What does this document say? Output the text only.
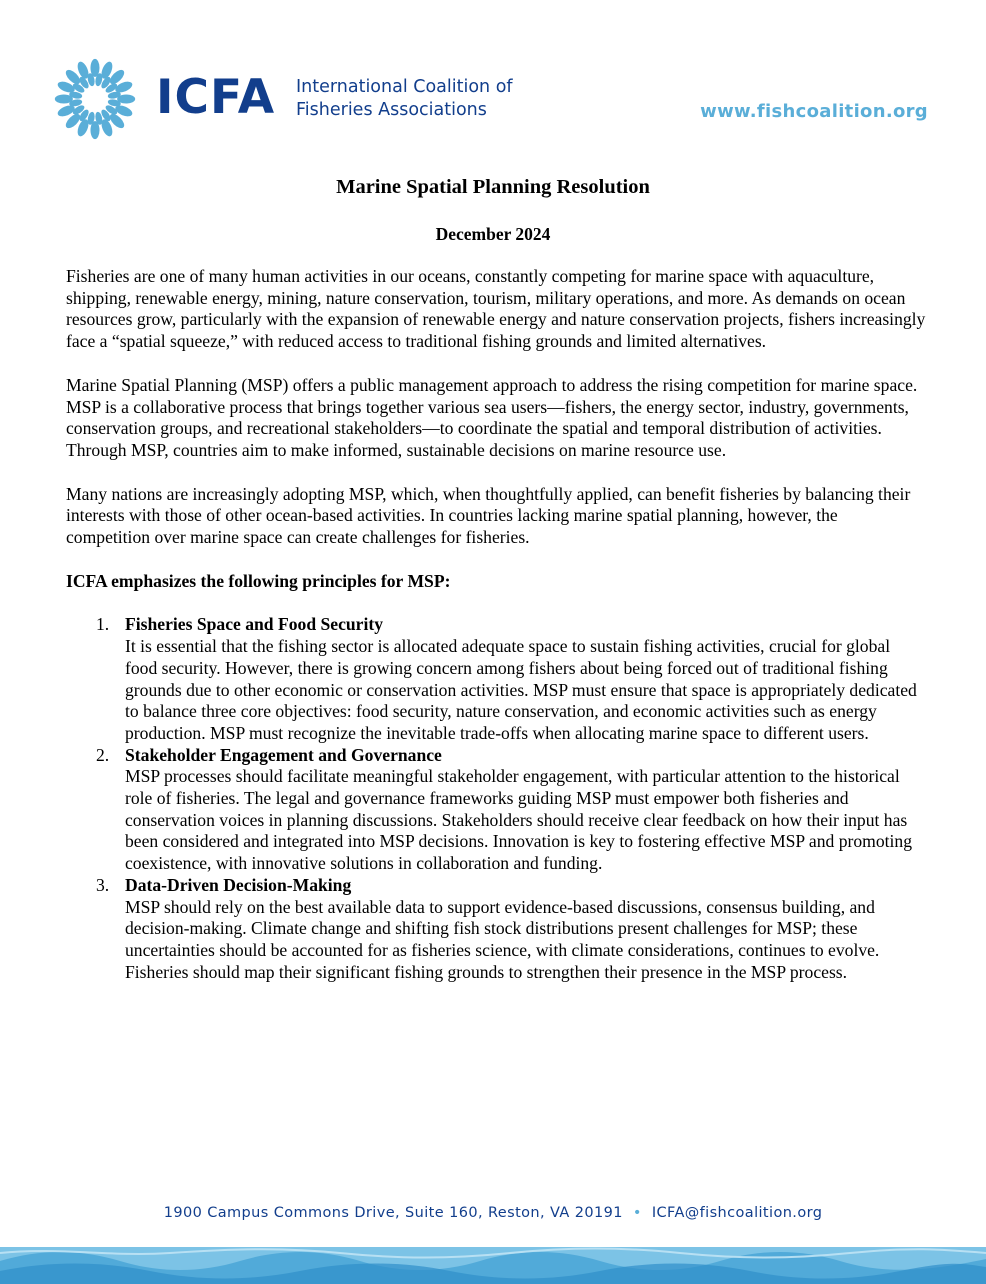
ICFA International Coalition of
Fisheries Associations	www.fishcoalition.org
Marine Spatial Planning Resolution
December 2024

Fisheries are one of many human activities in our oceans, constantly competing for marine space with aquaculture, shipping, renewable energy, mining, nature conservation, tourism, military operations, and more. As demands on ocean resources grow, particularly with the expansion of renewable energy and nature conservation projects, fishers increasingly face a “spatial squeeze,” with reduced access to traditional fishing grounds and limited alternatives.

Marine Spatial Planning (MSP) offers a public management approach to address the rising competition for marine space. MSP is a collaborative process that brings together various sea users—fishers, the energy sector, industry, governments, conservation groups, and recreational stakeholders—to coordinate the spatial and temporal distribution of activities. Through MSP, countries aim to make informed, sustainable decisions on marine resource use.

Many nations are increasingly adopting MSP, which, when thoughtfully applied, can benefit fisheries by balancing their interests with those of other ocean-based activities. In countries lacking marine spatial planning, however, the competition over marine space can create challenges for fisheries.

ICFA emphasizes the following principles for MSP:

1. Fisheries Space and Food Security
It is essential that the fishing sector is allocated adequate space to sustain fishing activities, crucial for global food security. However, there is growing concern among fishers about being forced out of traditional fishing grounds due to other economic or conservation activities. MSP must ensure that space is appropriately dedicated to balance three core objectives: food security, nature conservation, and economic activities such as energy production. MSP must recognize the inevitable trade-offs when allocating marine space to different users.
2. Stakeholder Engagement and Governance
MSP processes should facilitate meaningful stakeholder engagement, with particular attention to the historical role of fisheries. The legal and governance frameworks guiding MSP must empower both fisheries and conservation voices in planning discussions. Stakeholders should receive clear feedback on how their input has been considered and integrated into MSP decisions. Innovation is key to fostering effective MSP and promoting coexistence, with innovative solutions in collaboration and funding.
3. Data-Driven Decision-Making
MSP should rely on the best available data to support evidence-based discussions, consensus building, and decision-making. Climate change and shifting fish stock distributions present challenges for MSP; these uncertainties should be accounted for as fisheries science, with climate considerations, continues to evolve. Fisheries should map their significant fishing grounds to strengthen their presence in the MSP process.
1900 Campus Commons Drive, Suite 160, Reston, VA 20191 • ICFA@fishcoalition.org
